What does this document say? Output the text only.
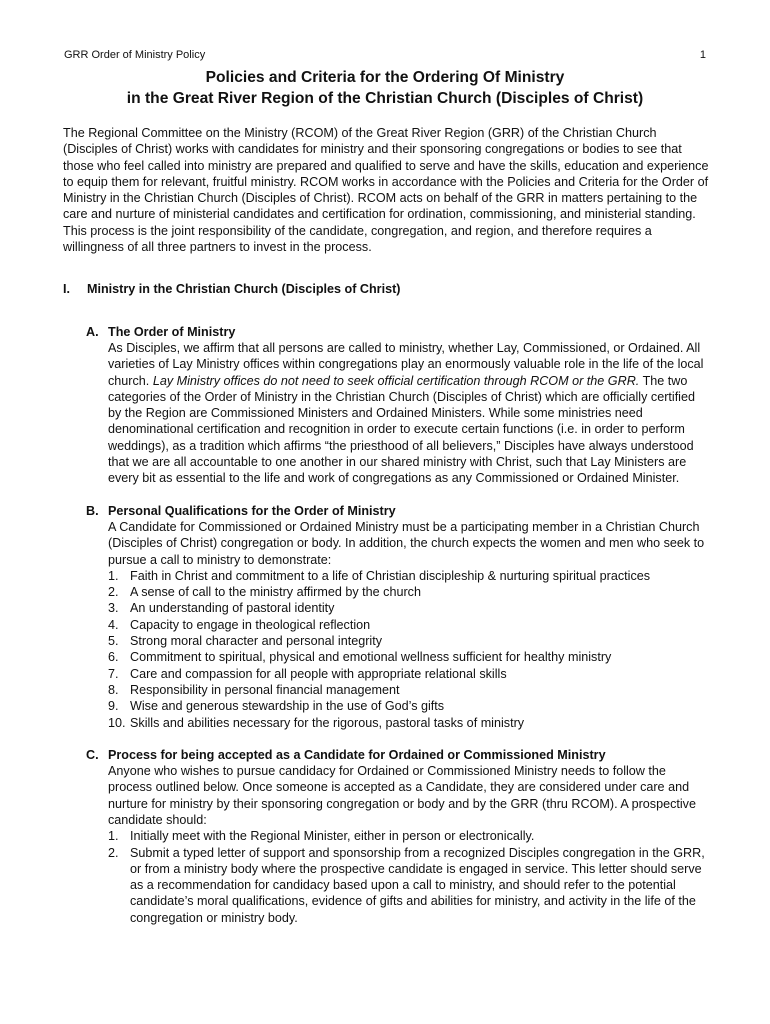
GRR Order of Ministry Policy	1
Policies and Criteria for the Ordering Of Ministry
in the Great River Region of the Christian Church (Disciples of Christ)

The Regional Committee on the Ministry (RCOM) of the Great River Region (GRR) of the Christian Church (Disciples of Christ) works with candidates for ministry and their sponsoring congregations or bodies to see that those who feel called into ministry are prepared and qualified to serve and have the skills, education and experience to equip them for relevant, fruitful ministry. RCOM works in accordance with the Policies and Criteria for the Order of Ministry in the Christian Church (Disciples of Christ). RCOM acts on behalf of the GRR in matters pertaining to the care and nurture of ministerial candidates and certification for ordination, commissioning, and ministerial standing. This process is the joint responsibility of the candidate, congregation, and region, and therefore requires a willingness of all three partners to invest in the process.

I. Ministry in the Christian Church (Disciples of Christ)
A. The Order of Ministry

As Disciples, we affirm that all persons are called to ministry, whether Lay, Commissioned, or Ordained. All varieties of Lay Ministry offices within congregations play an enormously valuable role in the life of the local church. Lay Ministry offices do not need to seek official certification through RCOM or the GRR. The two categories of the Order of Ministry in the Christian Church (Disciples of Christ) which are officially certified by the Region are Commissioned Ministers and Ordained Ministers. While some ministries need denominational certification and recognition in order to execute certain functions (i.e. in order to perform weddings), as a tradition which affirms “the priesthood of all believers,” Disciples have always understood that we are all accountable to one another in our shared ministry with Christ, such that Lay Ministers are every bit as essential to the life and work of congregations as any Commissioned or Ordained Minister.

B. Personal Qualifications for the Order of Ministry

A Candidate for Commissioned or Ordained Ministry must be a participating member in a Christian Church (Disciples of Christ) congregation or body. In addition, the church expects the women and men who seek to pursue a call to ministry to demonstrate:

1. Faith in Christ and commitment to a life of Christian discipleship & nurturing spiritual practices
2. A sense of call to the ministry affirmed by the church
3. An understanding of pastoral identity
4. Capacity to engage in theological reflection
5. Strong moral character and personal integrity
6. Commitment to spiritual, physical and emotional wellness sufficient for healthy ministry
7. Care and compassion for all people with appropriate relational skills
8. Responsibility in personal financial management
9. Wise and generous stewardship in the use of God’s gifts
10. Skills and abilities necessary for the rigorous, pastoral tasks of ministry
C. Process for being accepted as a Candidate for Ordained or Commissioned Ministry

Anyone who wishes to pursue candidacy for Ordained or Commissioned Ministry needs to follow the process outlined below. Once someone is accepted as a Candidate, they are considered under care and nurture for ministry by their sponsoring congregation or body and by the GRR (thru RCOM). A prospective candidate should:

1. Initially meet with the Regional Minister, either in person or electronically.
2. Submit a typed letter of support and sponsorship from a recognized Disciples congregation in the GRR, or from a ministry body where the prospective candidate is engaged in service. This letter should serve as a recommendation for candidacy based upon a call to ministry, and should refer to the potential candidate’s moral qualifications, evidence of gifts and abilities for ministry, and activity in the life of the congregation or ministry body.
